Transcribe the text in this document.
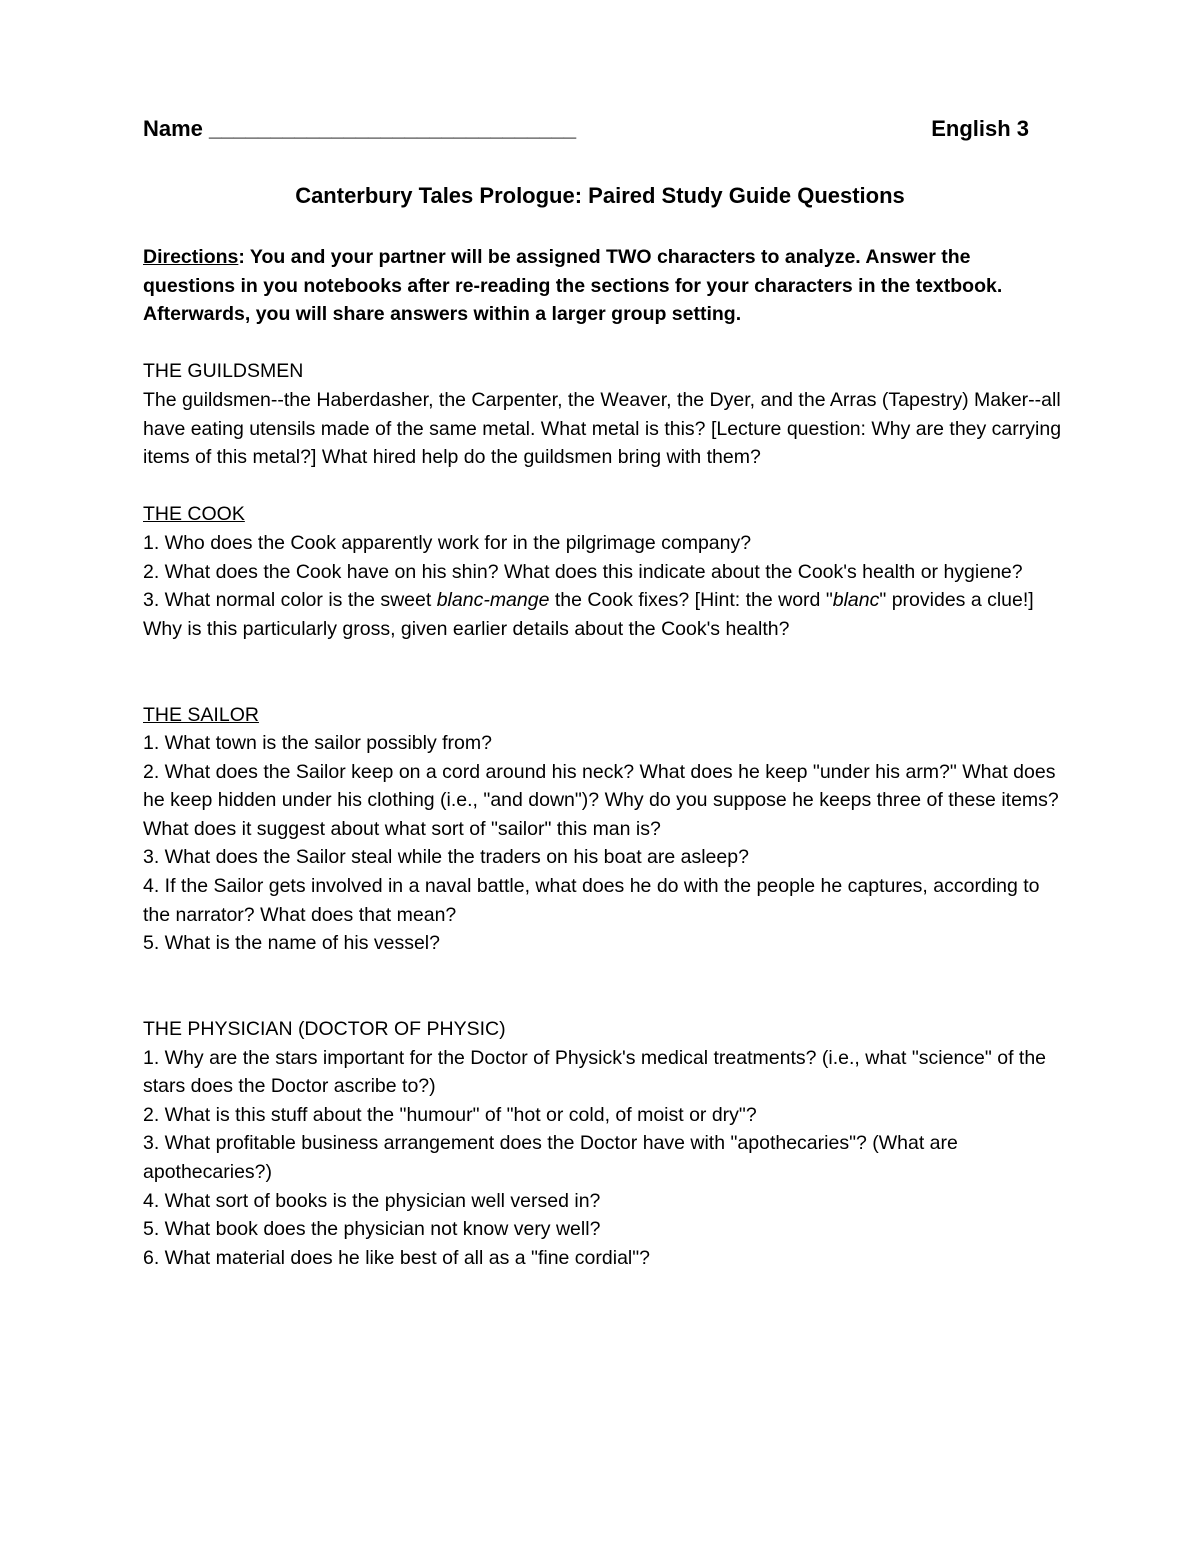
Name ______________________________	English 3
Canterbury Tales Prologue: Paired Study Guide Questions

Directions: You and your partner will be assigned TWO characters to analyze. Answer the questions in you notebooks after re-reading the sections for your characters in the textbook. Afterwards, you will share answers within a larger group setting.

THE GUILDSMEN
The guildsmen--the Haberdasher, the Carpenter, the Weaver, the Dyer, and the Arras (Tapestry) Maker--all have eating utensils made of the same metal. What metal is this? [Lecture question: Why are they carrying items of this metal?] What hired help do the guildsmen bring with them?
THE COOK
1. Who does the Cook apparently work for in the pilgrimage company?
2. What does the Cook have on his shin? What does this indicate about the Cook's health or hygiene?
3. What normal color is the sweet blanc-mange the Cook fixes? [Hint: the word "blanc" provides a clue!] Why is this particularly gross, given earlier details about the Cook's health?
THE SAILOR
1. What town is the sailor possibly from?
2. What does the Sailor keep on a cord around his neck? What does he keep "under his arm?" What does he keep hidden under his clothing (i.e., "and down")? Why do you suppose he keeps three of these items? What does it suggest about what sort of "sailor" this man is?
3. What does the Sailor steal while the traders on his boat are asleep?
4. If the Sailor gets involved in a naval battle, what does he do with the people he captures, according to the narrator? What does that mean?
5. What is the name of his vessel?
THE PHYSICIAN (DOCTOR OF PHYSIC)
1. Why are the stars important for the Doctor of Physick's medical treatments? (i.e., what "science" of the stars does the Doctor ascribe to?)
2. What is this stuff about the "humour" of "hot or cold, of moist or dry"?
3. What profitable business arrangement does the Doctor have with "apothecaries"? (What are apothecaries?)
4. What sort of books is the physician well versed in?
5. What book does the physician not know very well?
6. What material does he like best of all as a "fine cordial"?
